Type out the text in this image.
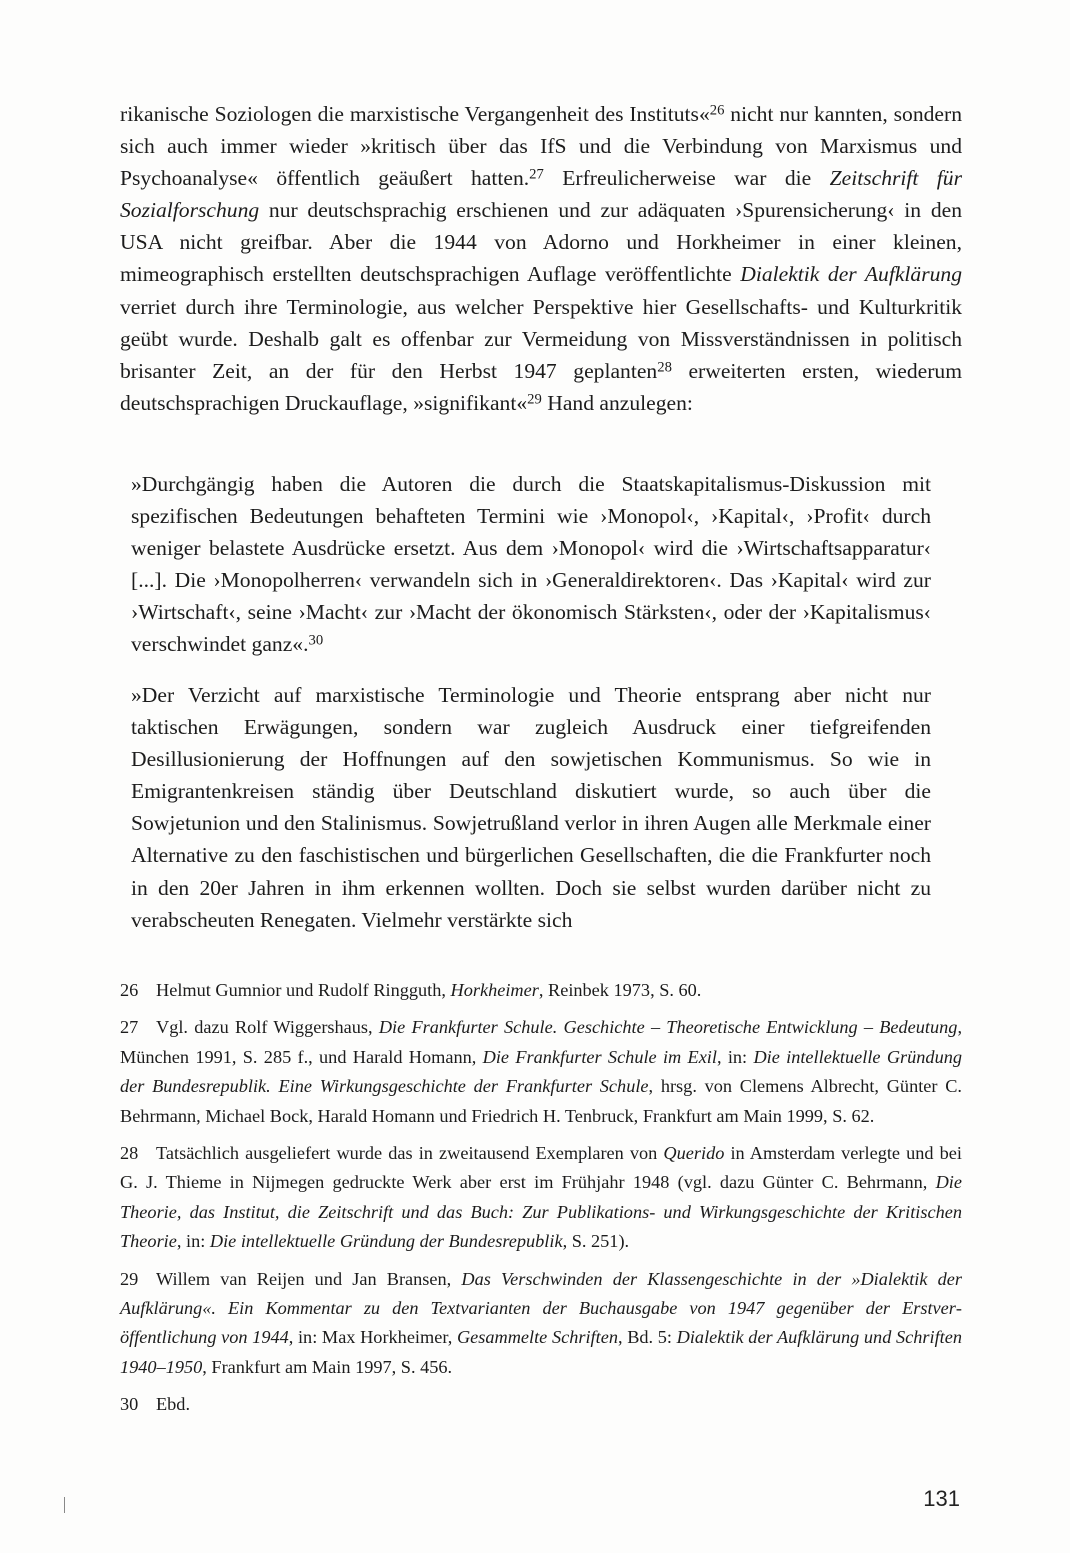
rikanische Soziologen die marxistische Vergangenheit des Instituts«$^{26}$ nicht nur kannten, sondern sich auch immer wieder »kritisch über das IfS und die Verbindung von Marxismus und Psychoanalyse« öffentlich geäußert hatten.$^{27}$ Erfreulicherweise war die Zeitschrift für Sozialforschung nur deutschsprachig erschienen und zur adäquaten ›Spurensicherung‹ in den USA nicht greifbar. Aber die 1944 von Adorno und Horkheimer in einer kleinen, mimeographisch erstellten deutschsprachigen Auflage veröffentlichte Dialektik der Aufklärung verriet durch ihre Terminologie, aus welcher Perspektive hier Gesellschafts- und Kulturkritik geübt wurde. Deshalb galt es offenbar zur Vermeidung von Missverständnissen in politisch brisanter Zeit, an der für den Herbst 1947 geplanten$^{28}$ erweiterten ersten, wiederum deutschsprachigen Druckauflage, »signifikant«$^{29}$ Hand anzulegen:

»Durchgängig haben die Autoren die durch die Staatskapitalismus-Diskussion mit spezifischen Bedeutungen behafteten Termini wie ›Monopol‹, ›Kapital‹, ›Profit‹ durch weniger belastete Ausdrücke ersetzt. Aus dem ›Monopol‹ wird die ›Wirtschaftsapparatur‹ [...]. Die ›Monopolherren‹ verwandeln sich in ›Generaldirektoren‹. Das ›Kapital‹ wird zur ›Wirtschaft‹, seine ›Macht‹ zur ›Macht der ökonomisch Stärksten‹, oder der ›Kapitalismus‹ verschwindet ganz«.$^{30}$

»Der Verzicht auf marxistische Terminologie und Theorie entsprang aber nicht nur taktischen Erwägungen, sondern war zugleich Ausdruck einer tiefgreifenden Desillusionierung der Hoffnungen auf den sowjetischen Kommunismus. So wie in Emigrantenkreisen ständig über Deutschland diskutiert wurde, so auch über die Sowjetunion und den Stalinismus. Sowjetrußland verlor in ihren Augen alle Merkmale einer Alternative zu den faschistischen und bürgerlichen Gesellschaften, die die Frankfurter noch in den 20er Jahren in ihm erkennen wollten. Doch sie selbst wurden darüber nicht zu verabscheuten Renegaten. Vielmehr verstärkte sich

26 Helmut Gumnior und Rudolf Ringguth, Horkheimer, Reinbek 1973, S. 60.

27 Vgl. dazu Rolf Wiggershaus, Die Frankfurter Schule. Geschichte – Theoretische Entwicklung – Bedeutung, München 1991, S. 285 f., und Harald Homann, Die Frankfurter Schule im Exil, in: Die intellektuelle Gründung der Bundesrepublik. Eine Wirkungsgeschichte der Frankfurter Schule, hrsg. von Clemens Albrecht, Günter C. Behrmann, Michael Bock, Harald Homann und Friedrich H. Tenbruck, Frankfurt am Main 1999, S. 62.

28 Tatsächlich ausgeliefert wurde das in zweitausend Exemplaren von Querido in Amsterdam verlegte und bei G. J. Thieme in Nijmegen gedruckte Werk aber erst im Frühjahr 1948 (vgl. dazu Günter C. Behrmann, Die Theorie, das Institut, die Zeitschrift und das Buch: Zur Publikations- und Wirkungsgeschichte der Kritischen Theorie, in: Die intellektuelle Gründung der Bundesrepublik, S. 251).

29 Willem van Reijen und Jan Bransen, Das Verschwinden der Klassengeschichte in der »Dialektik der Aufklärung«. Ein Kommentar zu den Textvarianten der Buchausgabe von 1947 gegenüber der Erstveröffentlichung von 1944, in: Max Horkheimer, Gesammelte Schriften, Bd. 5: Dialektik der Aufklärung und Schriften 1940–1950, Frankfurt am Main 1997, S. 456.

30 Ebd.

131
